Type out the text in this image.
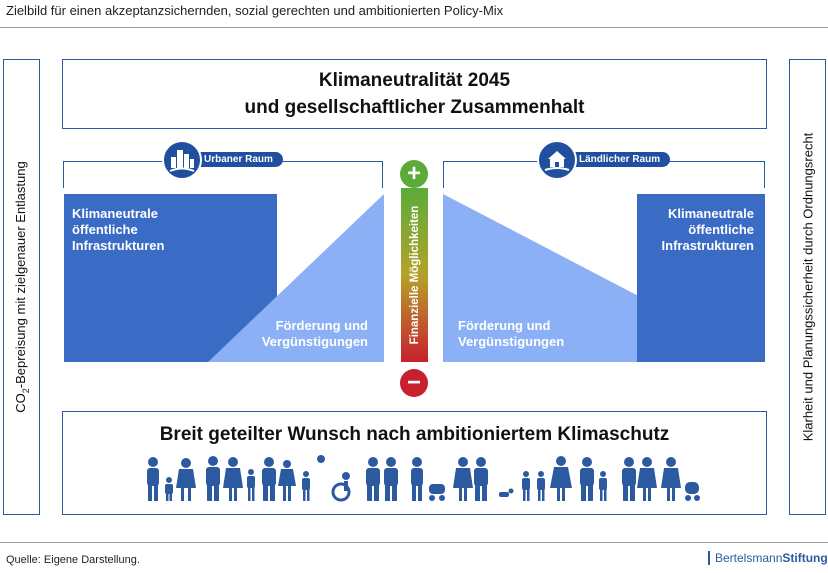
Zielbild für einen akzeptanzsichernden, sozial gerechten und ambitionierten Policy-Mix
$CO_2$-Bepreisung mit zielgenauer Entlastung	Klarheit und Planungssicherheit durch Ordnungsrecht
Klimaneutralität 2045
und gesellschaftlicher Zusammenhalt
Urbaner Raum	Ländlicher Raum
Klimaneutrale
öffentliche
Infrastrukturen
Förderung und
Vergünstigungen
Klimaneutrale
öffentliche
Infrastrukturen
Förderung und
Vergünstigungen
+
Finanzielle Möglichkeiten
−
Breit geteilter Wunsch nach ambitioniertem Klimaschutz
Quelle: Eigene Darstellung.	BertelsmannStiftung
